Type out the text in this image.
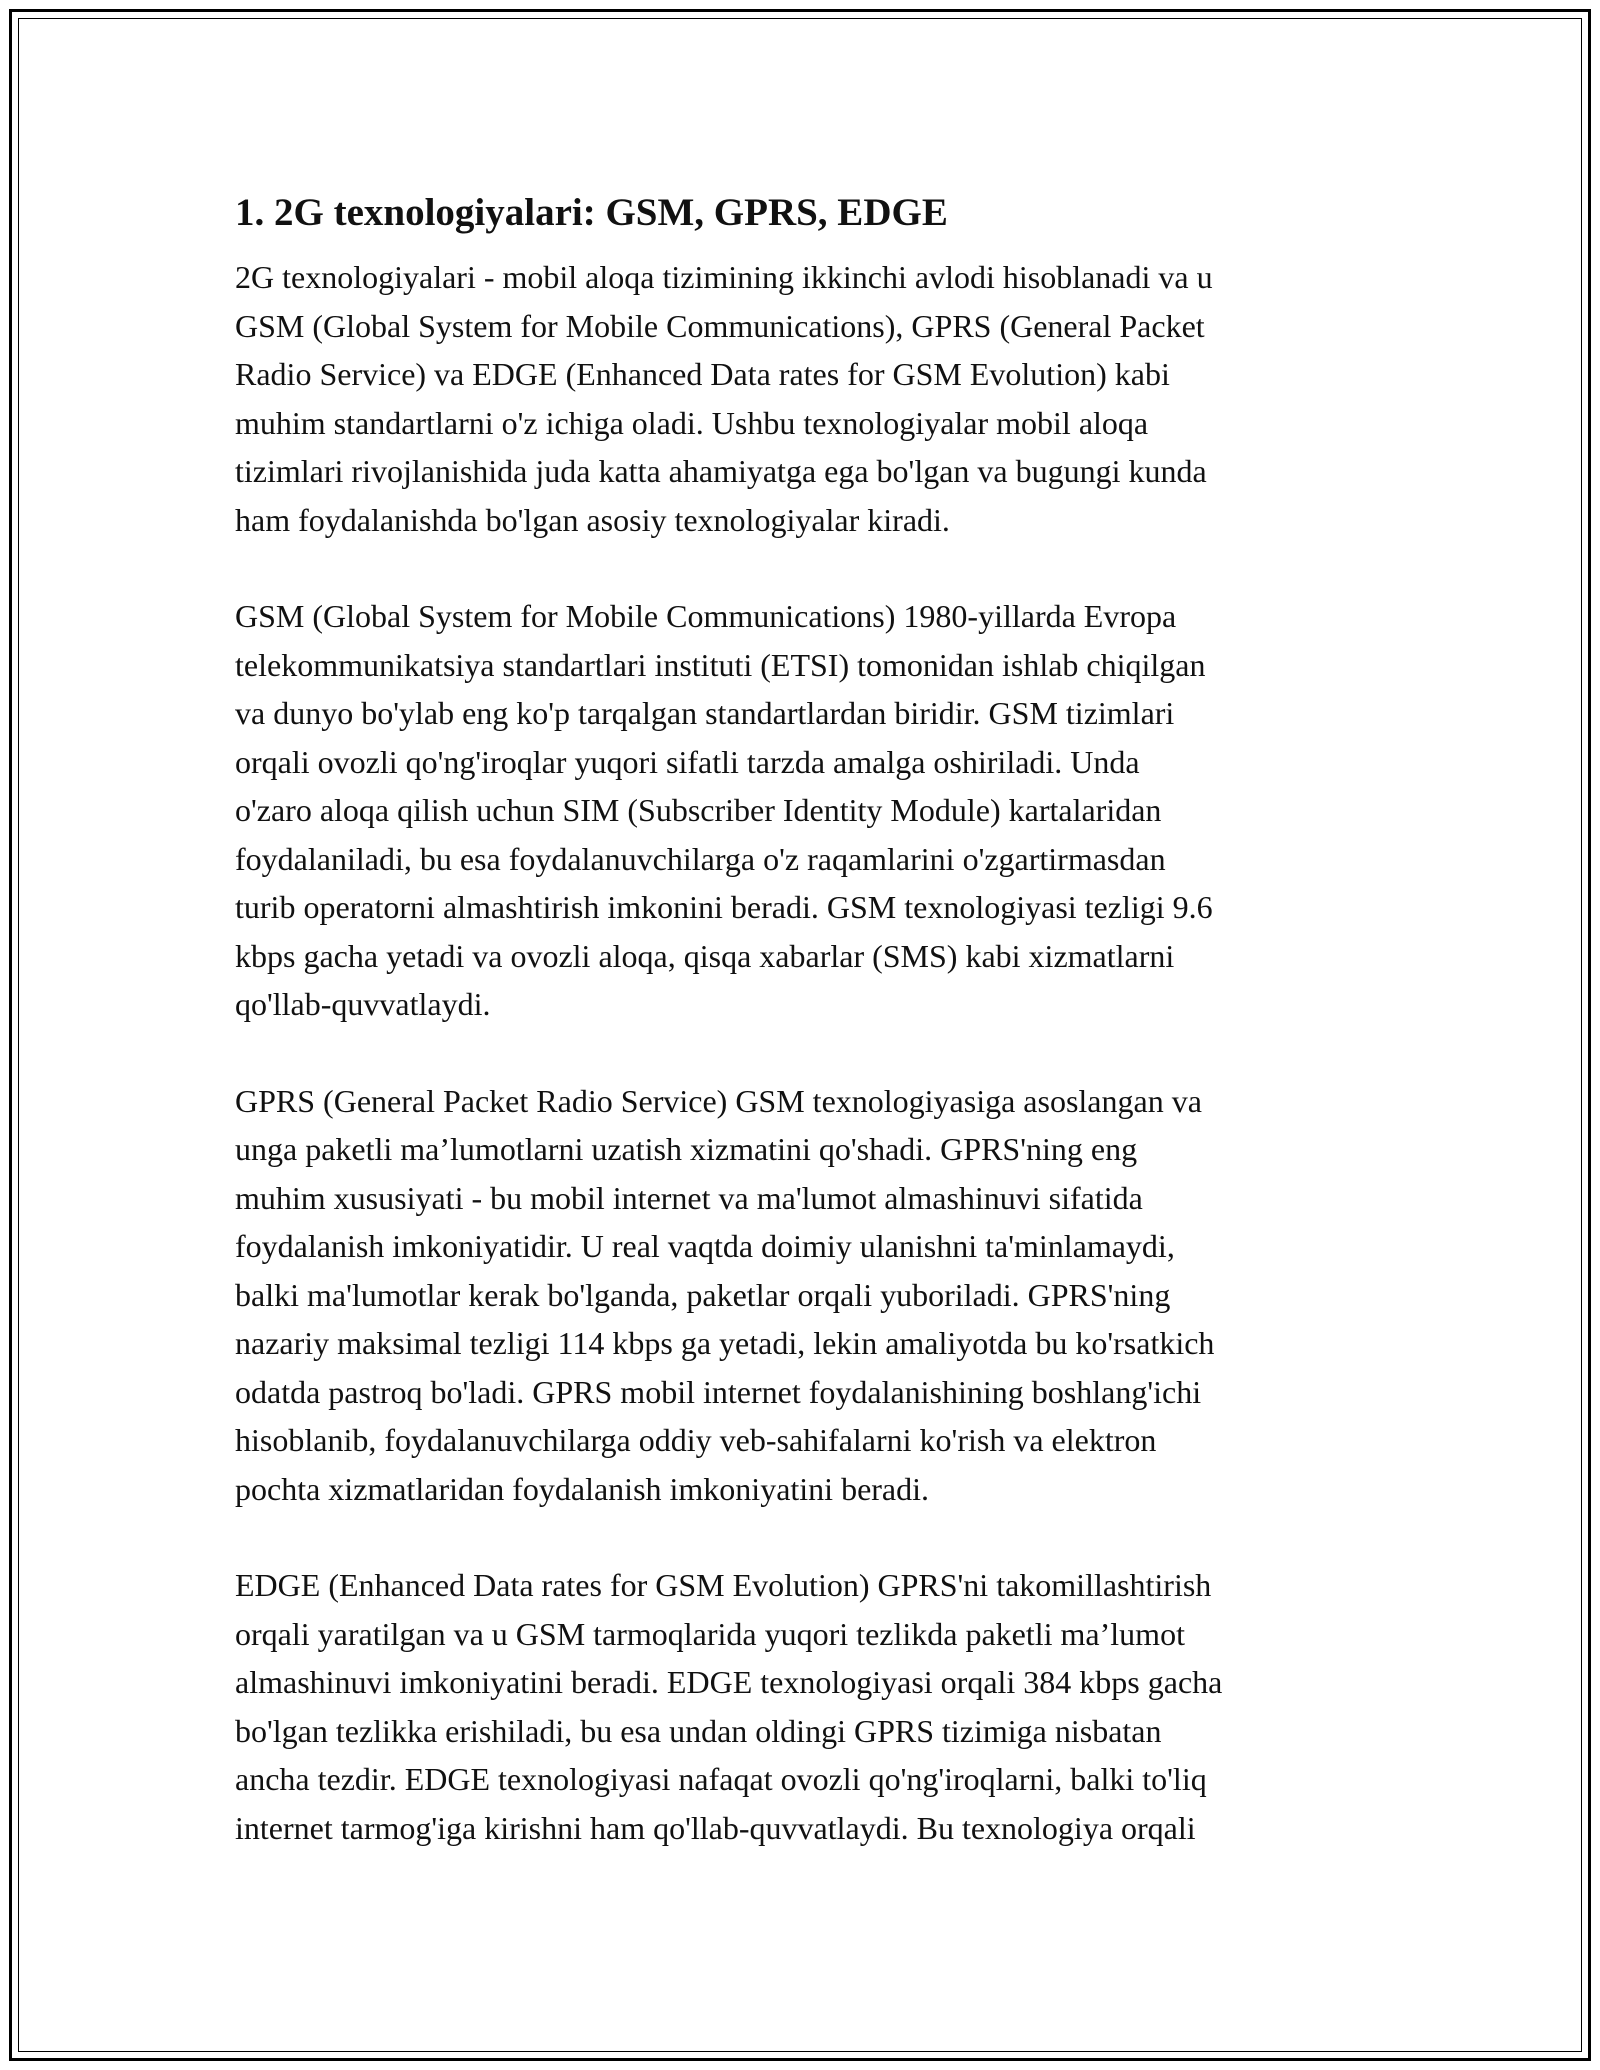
1. 2G texnologiyalari: GSM, GPRS, EDGE
2G texnologiyalari - mobil aloqa tizimining ikkinchi avlodi hisoblanadi va u
GSM (Global System for Mobile Communications), GPRS (General Packet
Radio Service) va EDGE (Enhanced Data rates for GSM Evolution) kabi
muhim standartlarni o'z ichiga oladi. Ushbu texnologiyalar mobil aloqa
tizimlari rivojlanishida juda katta ahamiyatga ega bo'lgan va bugungi kunda
ham foydalanishda bo'lgan asosiy texnologiyalar kiradi.
GSM (Global System for Mobile Communications) 1980-yillarda Evropa
telekommunikatsiya standartlari instituti (ETSI) tomonidan ishlab chiqilgan
va dunyo bo'ylab eng ko'p tarqalgan standartlardan biridir. GSM tizimlari
orqali ovozli qo'ng'iroqlar yuqori sifatli tarzda amalga oshiriladi. Unda
o'zaro aloqa qilish uchun SIM (Subscriber Identity Module) kartalaridan
foydalaniladi, bu esa foydalanuvchilarga o'z raqamlarini o'zgartirmasdan
turib operatorni almashtirish imkonini beradi. GSM texnologiyasi tezligi 9.6
kbps gacha yetadi va ovozli aloqa, qisqa xabarlar (SMS) kabi xizmatlarni
qo'llab-quvvatlaydi.
GPRS (General Packet Radio Service) GSM texnologiyasiga asoslangan va
unga paketli ma’lumotlarni uzatish xizmatini qo'shadi. GPRS'ning eng
muhim xususiyati - bu mobil internet va ma'lumot almashinuvi sifatida
foydalanish imkoniyatidir. U real vaqtda doimiy ulanishni ta'minlamaydi,
balki ma'lumotlar kerak bo'lganda, paketlar orqali yuboriladi. GPRS'ning
nazariy maksimal tezligi 114 kbps ga yetadi, lekin amaliyotda bu ko'rsatkich
odatda pastroq bo'ladi. GPRS mobil internet foydalanishining boshlang'ichi
hisoblanib, foydalanuvchilarga oddiy veb-sahifalarni ko'rish va elektron
pochta xizmatlaridan foydalanish imkoniyatini beradi.
EDGE (Enhanced Data rates for GSM Evolution) GPRS'ni takomillashtirish
orqali yaratilgan va u GSM tarmoqlarida yuqori tezlikda paketli ma’lumot
almashinuvi imkoniyatini beradi. EDGE texnologiyasi orqali 384 kbps gacha
bo'lgan tezlikka erishiladi, bu esa undan oldingi GPRS tizimiga nisbatan
ancha tezdir. EDGE texnologiyasi nafaqat ovozli qo'ng'iroqlarni, balki to'liq
internet tarmog'iga kirishni ham qo'llab-quvvatlaydi. Bu texnologiya orqali
